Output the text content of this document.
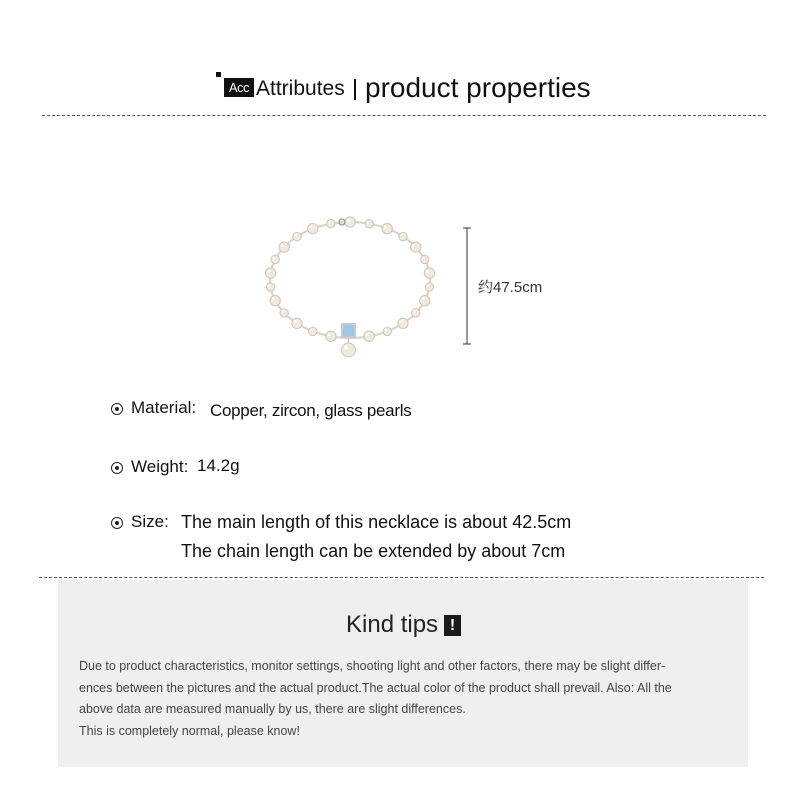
Acc Attributes product properties
约47.5cm
Material: Copper, zircon, glass pearls
Weight: 14.2g
Size: The main length of this necklace is about 42.5cm
The chain length can be extended by about 7cm
Kind tips !

Due to product characteristics, monitor settings, shooting light and other factors, there may be slight differ-

ences between the pictures and the actual product.The actual color of the product shall prevail. Also: All the

above data are measured manually by us, there are slight differences.

This is completely normal, please know!
